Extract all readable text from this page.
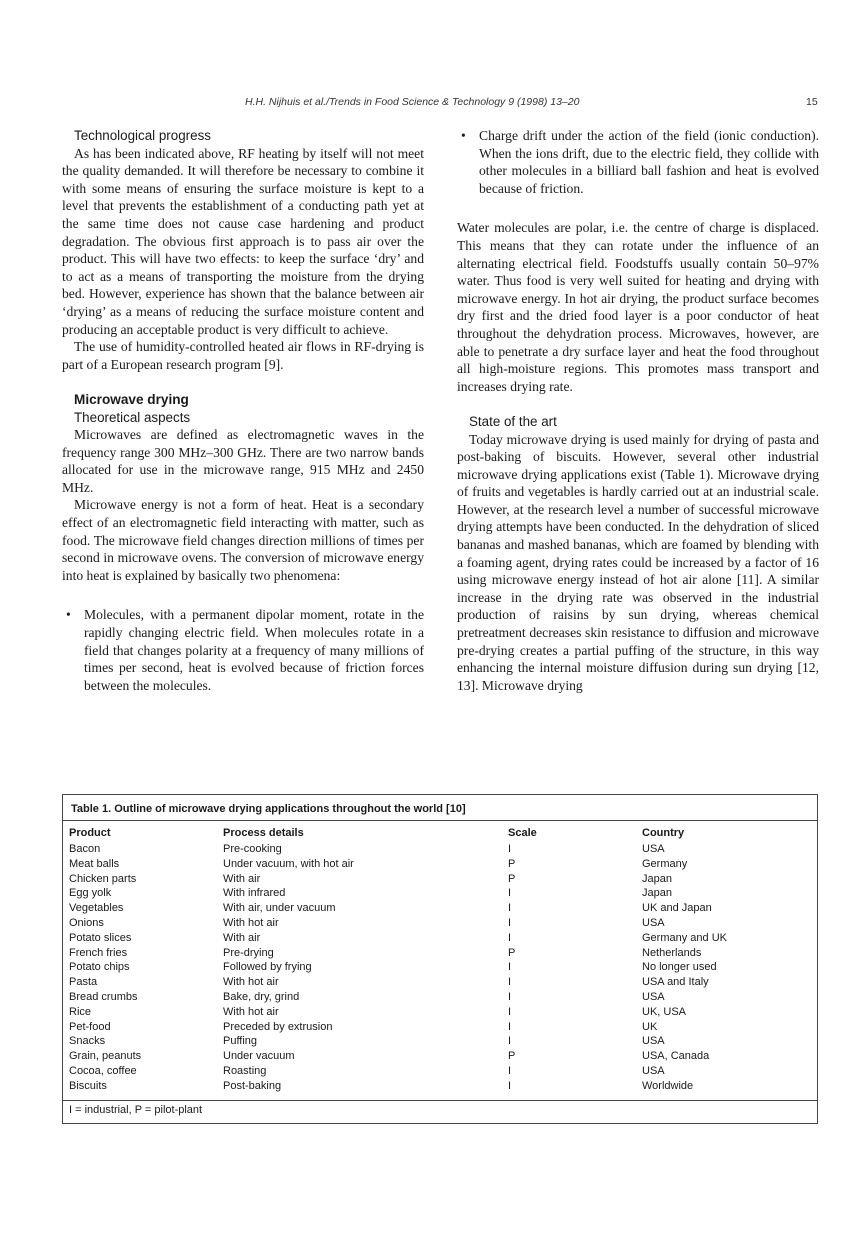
H.H. Nijhuis et al./Trends in Food Science & Technology 9 (1998) 13–20	15

Technological progress

As has been indicated above, RF heating by itself will not meet the quality demanded. It will therefore be necessary to combine it with some means of ensuring the surface moisture is kept to a level that prevents the establishment of a conducting path yet at the same time does not cause case hardening and product degradation. The obvious first approach is to pass air over the product. This will have two effects: to keep the surface ‘dry’ and to act as a means of transporting the moisture from the drying bed. However, experience has shown that the balance between air ‘drying’ as a means of reducing the surface moisture content and producing an acceptable product is very difficult to achieve.

The use of humidity-controlled heated air flows in RF-drying is part of a European research program [9].

Microwave drying

Theoretical aspects

Microwaves are defined as electromagnetic waves in the frequency range 300 MHz–300 GHz. There are two narrow bands allocated for use in the microwave range, 915 MHz and 2450 MHz.

Microwave energy is not a form of heat. Heat is a secondary effect of an electromagnetic field interacting with matter, such as food. The microwave field changes direction millions of times per second in microwave ovens. The conversion of microwave energy into heat is explained by basically two phenomena:

• Molecules, with a permanent dipolar moment, rotate in the rapidly changing electric field. When molecules rotate in a field that changes polarity at a frequency of many millions of times per second, heat is evolved because of friction forces between the molecules.
• Charge drift under the action of the field (ionic conduction). When the ions drift, due to the electric field, they collide with other molecules in a billiard ball fashion and heat is evolved because of friction.

Water molecules are polar, i.e. the centre of charge is displaced. This means that they can rotate under the influence of an alternating electrical field. Foodstuffs usually contain 50–97% water. Thus food is very well suited for heating and drying with microwave energy. In hot air drying, the product surface becomes dry first and the dried food layer is a poor conductor of heat throughout the dehydration process. Microwaves, however, are able to penetrate a dry surface layer and heat the food throughout all high-moisture regions. This promotes mass transport and increases drying rate.

State of the art

Today microwave drying is used mainly for drying of pasta and post-baking of biscuits. However, several other industrial microwave drying applications exist (Table 1). Microwave drying of fruits and vegetables is hardly carried out at an industrial scale. However, at the research level a number of successful microwave drying attempts have been conducted. In the dehydration of sliced bananas and mashed bananas, which are foamed by blending with a foaming agent, drying rates could be increased by a factor of 16 using microwave energy instead of hot air alone [11]. A similar increase in the drying rate was observed in the industrial production of raisins by sun drying, whereas chemical pretreatment decreases skin resistance to diffusion and microwave pre-drying creates a partial puffing of the structure, in this way enhancing the internal moisture diffusion during sun drying [12, 13]. Microwave drying

Table 1. Outline of microwave drying applications throughout the world [10]
Product	Process details	Scale	Country
Bacon	Pre-cooking	I	USA
Meat balls	Under vacuum, with hot air	P	Germany
Chicken parts	With air	P	Japan
Egg yolk	With infrared	I	Japan
Vegetables	With air, under vacuum	I	UK and Japan
Onions	With hot air	I	USA
Potato slices	With air	I	Germany and UK
French fries	Pre-drying	P	Netherlands
Potato chips	Followed by frying	I	No longer used
Pasta	With hot air	I	USA and Italy
Bread crumbs	Bake, dry, grind	I	USA
Rice	With hot air	I	UK, USA
Pet-food	Preceded by extrusion	I	UK
Snacks	Puffing	I	USA
Grain, peanuts	Under vacuum	P	USA, Canada
Cocoa, coffee	Roasting	I	USA
Biscuits	Post-baking	I	Worldwide
I = industrial, P = pilot-plant
